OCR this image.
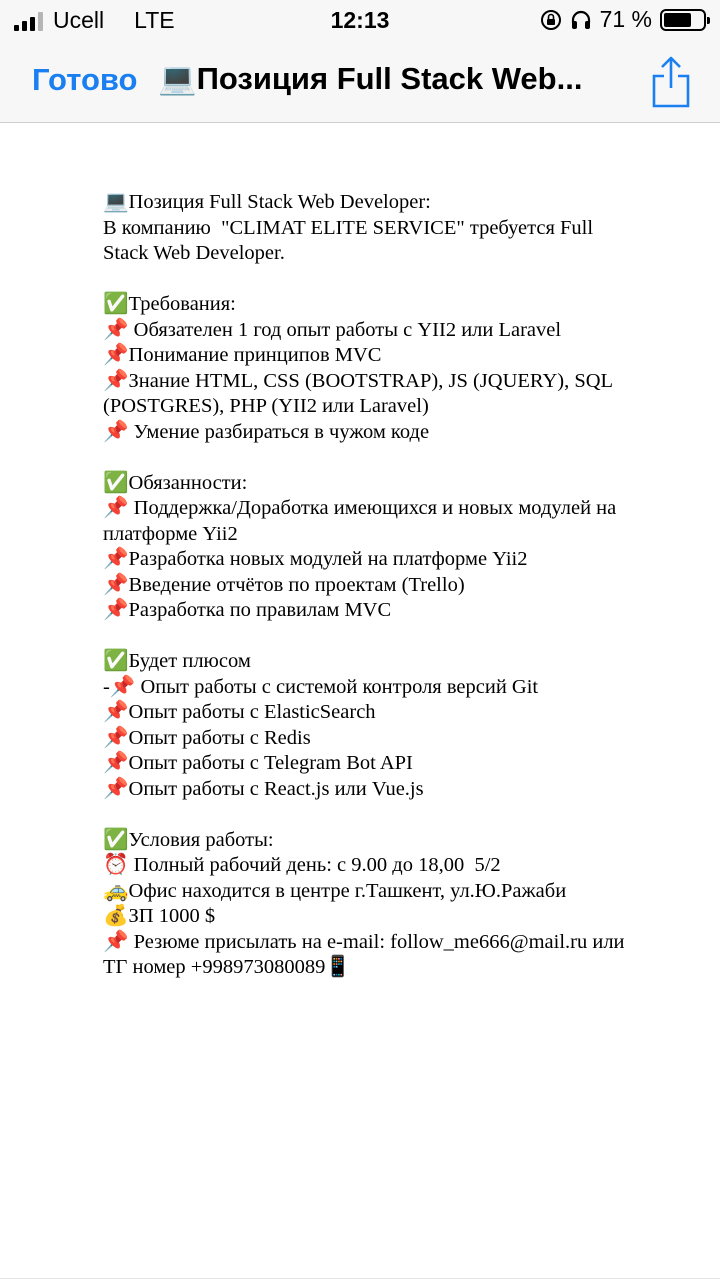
Ucell LTE	12:13	71 %
Готово 💻Позиция Full Stack Web...
💻Позиция Full Stack Web Developer:
В компанию  "CLIMAT ELITE SERVICE" требуется Full
Stack Web Developer.
✅Требования:
📌 Обязателен 1 год опыт работы с YII2 или Laravel
📌Понимание принципов MVC
📌Знание HTML, CSS (BOOTSTRAP), JS (JQUERY), SQL
(POSTGRES), PHP (YII2 или Laravel)
📌 Умение разбираться в чужом коде
✅Обязанности:
📌 Поддержка/Доработка имеющихся и новых модулей на
платформе Yii2
📌Разработка новых модулей на платформе Yii2
📌Введение отчётов по проектам (Trello)
📌Разработка по правилам MVC
✅Будет плюсом
-📌 Опыт работы с системой контроля версий Git
📌Опыт работы с ElasticSearch
📌Опыт работы с Redis
📌Опыт работы с Telegram Bot API
📌Опыт работы с React.js или Vue.js
✅Условия работы:
⏰ Полный рабочий день: с 9.00 до 18,00  5/2
🚕Офис находится в центре г.Ташкент, ул.Ю.Ражаби
💰ЗП 1000 $
📌 Резюме присылать на e-mail: follow_me666@mail.ru или
ТГ номер +998973080089📱
